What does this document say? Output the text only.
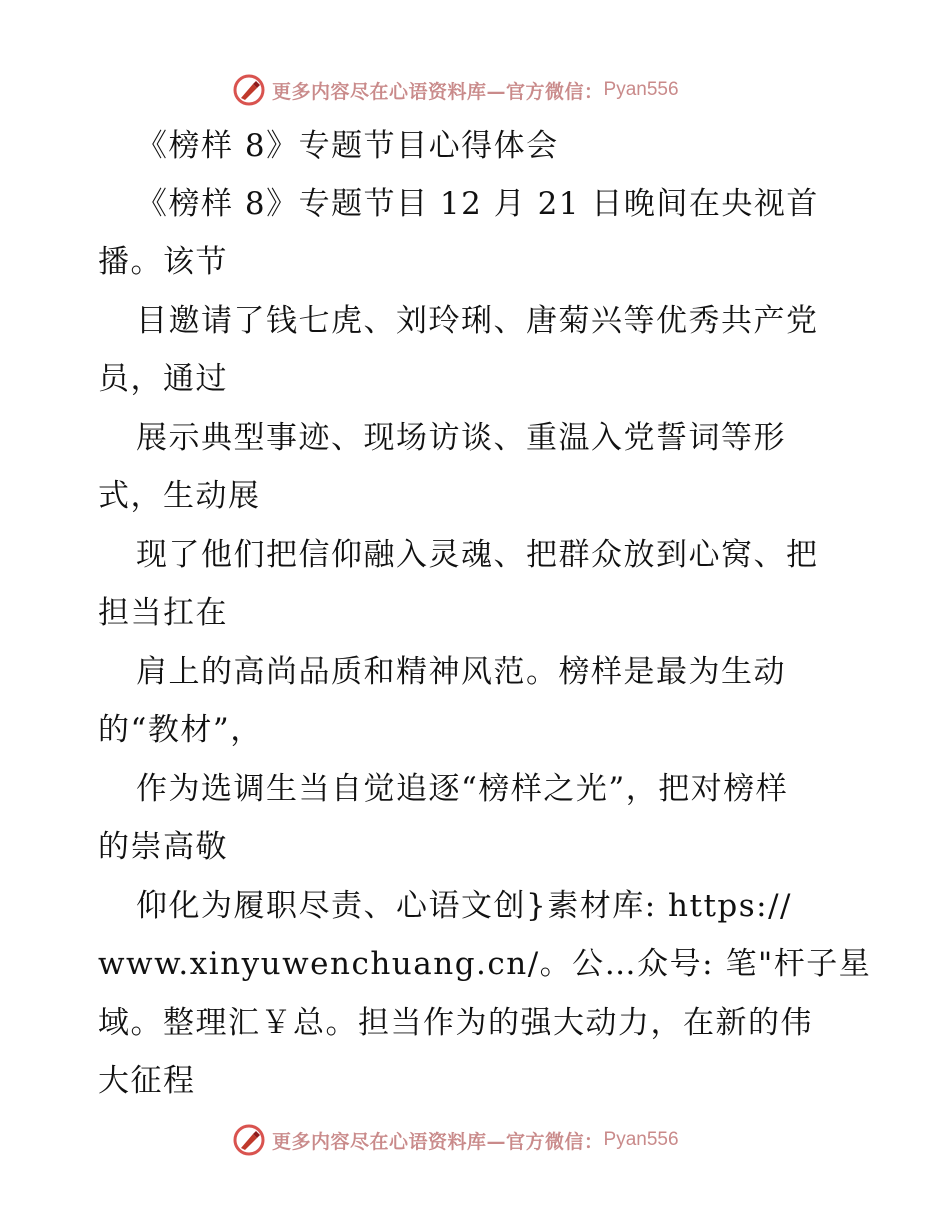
更多内容尽在心语资料库—官方微信： Pyan556
《榜样 8》专题节目心得体会
《榜样 8》专题节目 12 月 21 日晚间在央视首
播。该节
目邀请了钱七虎、刘玲琍、唐菊兴等优秀共产党
员，通过
展示典型事迹、现场访谈、重温入党誓词等形
式，生动展
现了他们把信仰融入灵魂、把群众放到心窝、把
担当扛在
肩上的高尚品质和精神风范。榜样是最为生动
的“教材”，
作为选调生当自觉追逐“榜样之光”，把对榜样
的崇高敬
仰化为履职尽责、心语文创}素材库: https://
www.xinyuwenchuang.cn/。公…众号: 笔"杆子星
域。整理汇￥总。担当作为的强大动力，在新的伟
大征程
更多内容尽在心语资料库—官方微信： Pyan556
